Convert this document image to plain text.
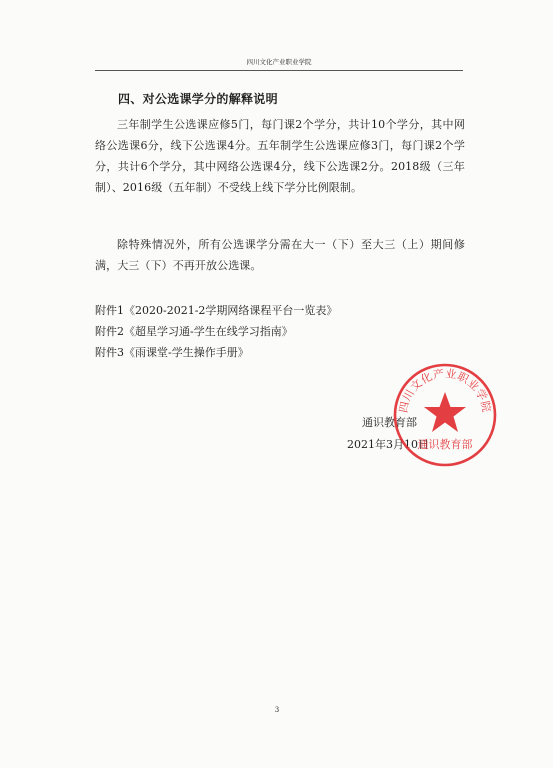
四川文化产业职业学院
四、对公选课学分的解释说明
三年制学生公选课应修5门，每门课2个学分，共计10个学分，其中网络公选课6分，线下公选课4分。五年制学生公选课应修3门，每门课2个学分，共计6个学分，其中网络公选课4分，线下公选课2分。2018级（三年制）、2016级（五年制）不受线上线下学分比例限制。
除特殊情况外，所有公选课学分需在大一（下）至大三（上）期间修满，大三（下）不再开放公选课。
附件1《2020-2021-2学期网络课程平台一览表》
附件2《超星学习通-学生在线学习指南》
附件3《雨课堂-学生操作手册》
通识教育部
2021年3月10日
四川文化产业职业学院
通识教育部
3
